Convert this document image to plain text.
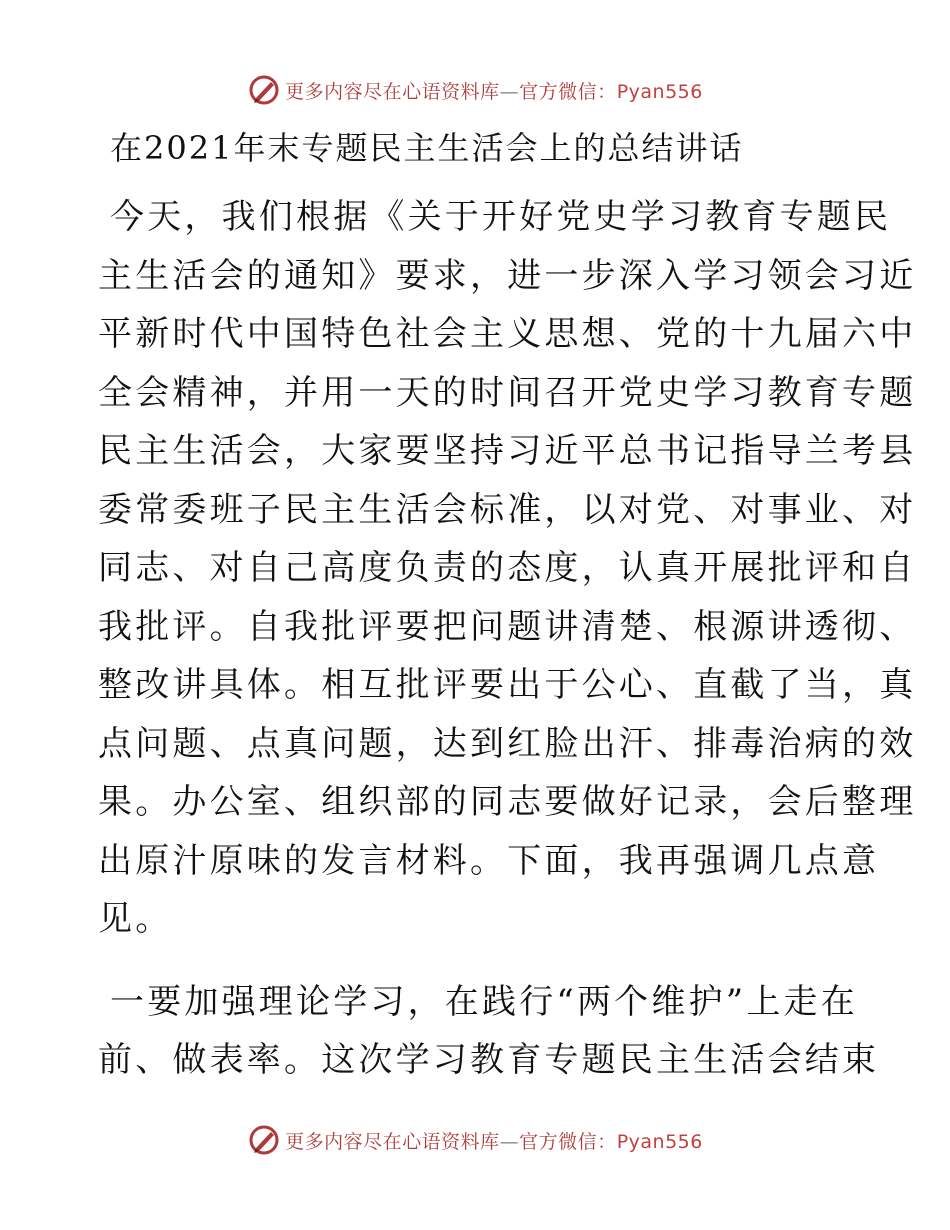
更多内容尽在心语资料库—官方微信：Pyan556
在2021年末专题民主生活会上的总结讲话
今天，我们根据《关于开好党史学习教育专题民
主生活会的通知》要求，进一步深入学习领会习近
平新时代中国特色社会主义思想、党的十九届六中
全会精神，并用一天的时间召开党史学习教育专题
民主生活会，大家要坚持习近平总书记指导兰考县
委常委班子民主生活会标准，以对党、对事业、对
同志、对自己高度负责的态度，认真开展批评和自
我批评。自我批评要把问题讲清楚、根源讲透彻、
整改讲具体。相互批评要出于公心、直截了当，真
点问题、点真问题，达到红脸出汗、排毒治病的效
果。办公室、组织部的同志要做好记录，会后整理
出原汁原味的发言材料。下面，我再强调几点意
见。
一要加强理论学习，在践行“两个维护”上走在
前、做表率。这次学习教育专题民主生活会结束
更多内容尽在心语资料库—官方微信：Pyan556
